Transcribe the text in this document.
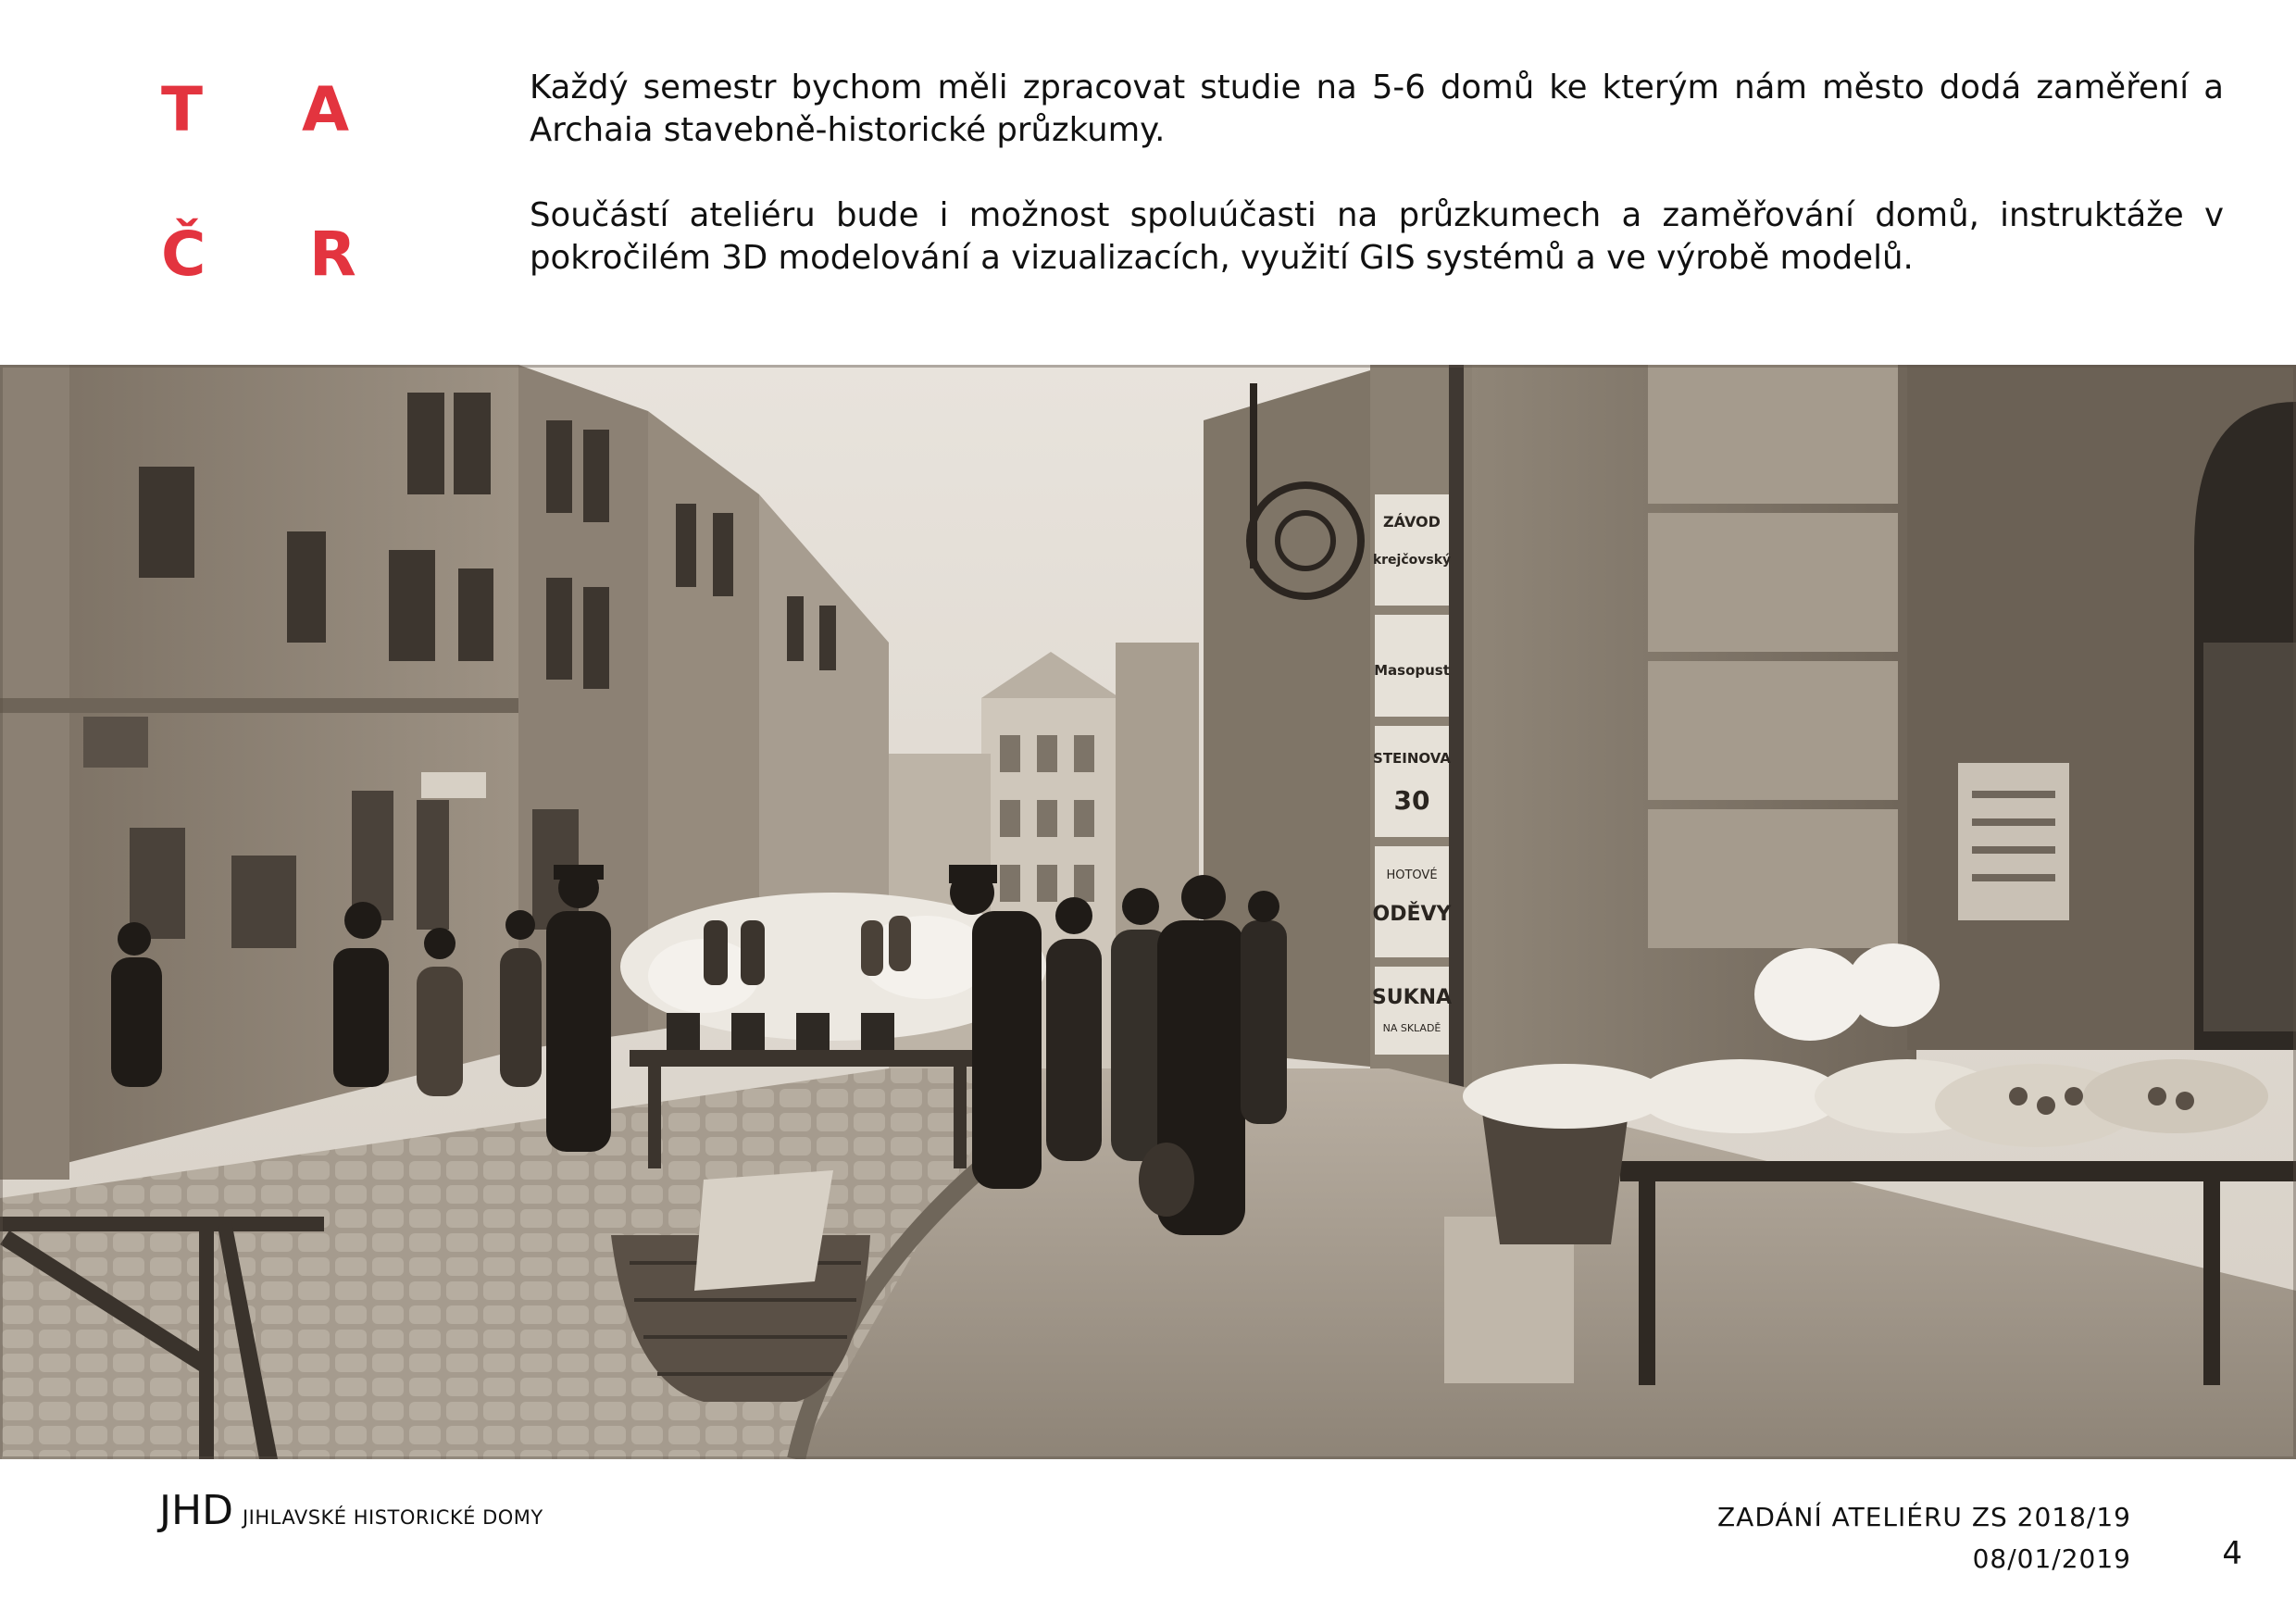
T A
Č R

Každý semestr bychom měli zpracovat studie na 5-6 domů ke kterým nám město dodá zaměření a Archaia stavebně-historické průzkumy.

Součástí ateliéru bude i možnost spoluúčasti na průzkumech a zaměřování domů, instruktáže v pokročilém 3D modelování a vizualizacích, využití GIS systémů a ve výrobě modelů.

ZÁVOD
krejčovský
Masopust
STEINOVA
30
HOTOVÉ
ODĚVY
SUKNA
NA SKLADĚ
JHD JIHLAVSKÉ HISTORICKÉ DOMY	ZADÁNÍ ATELIÉRU ZS 2018/19
08/01/2019	4
